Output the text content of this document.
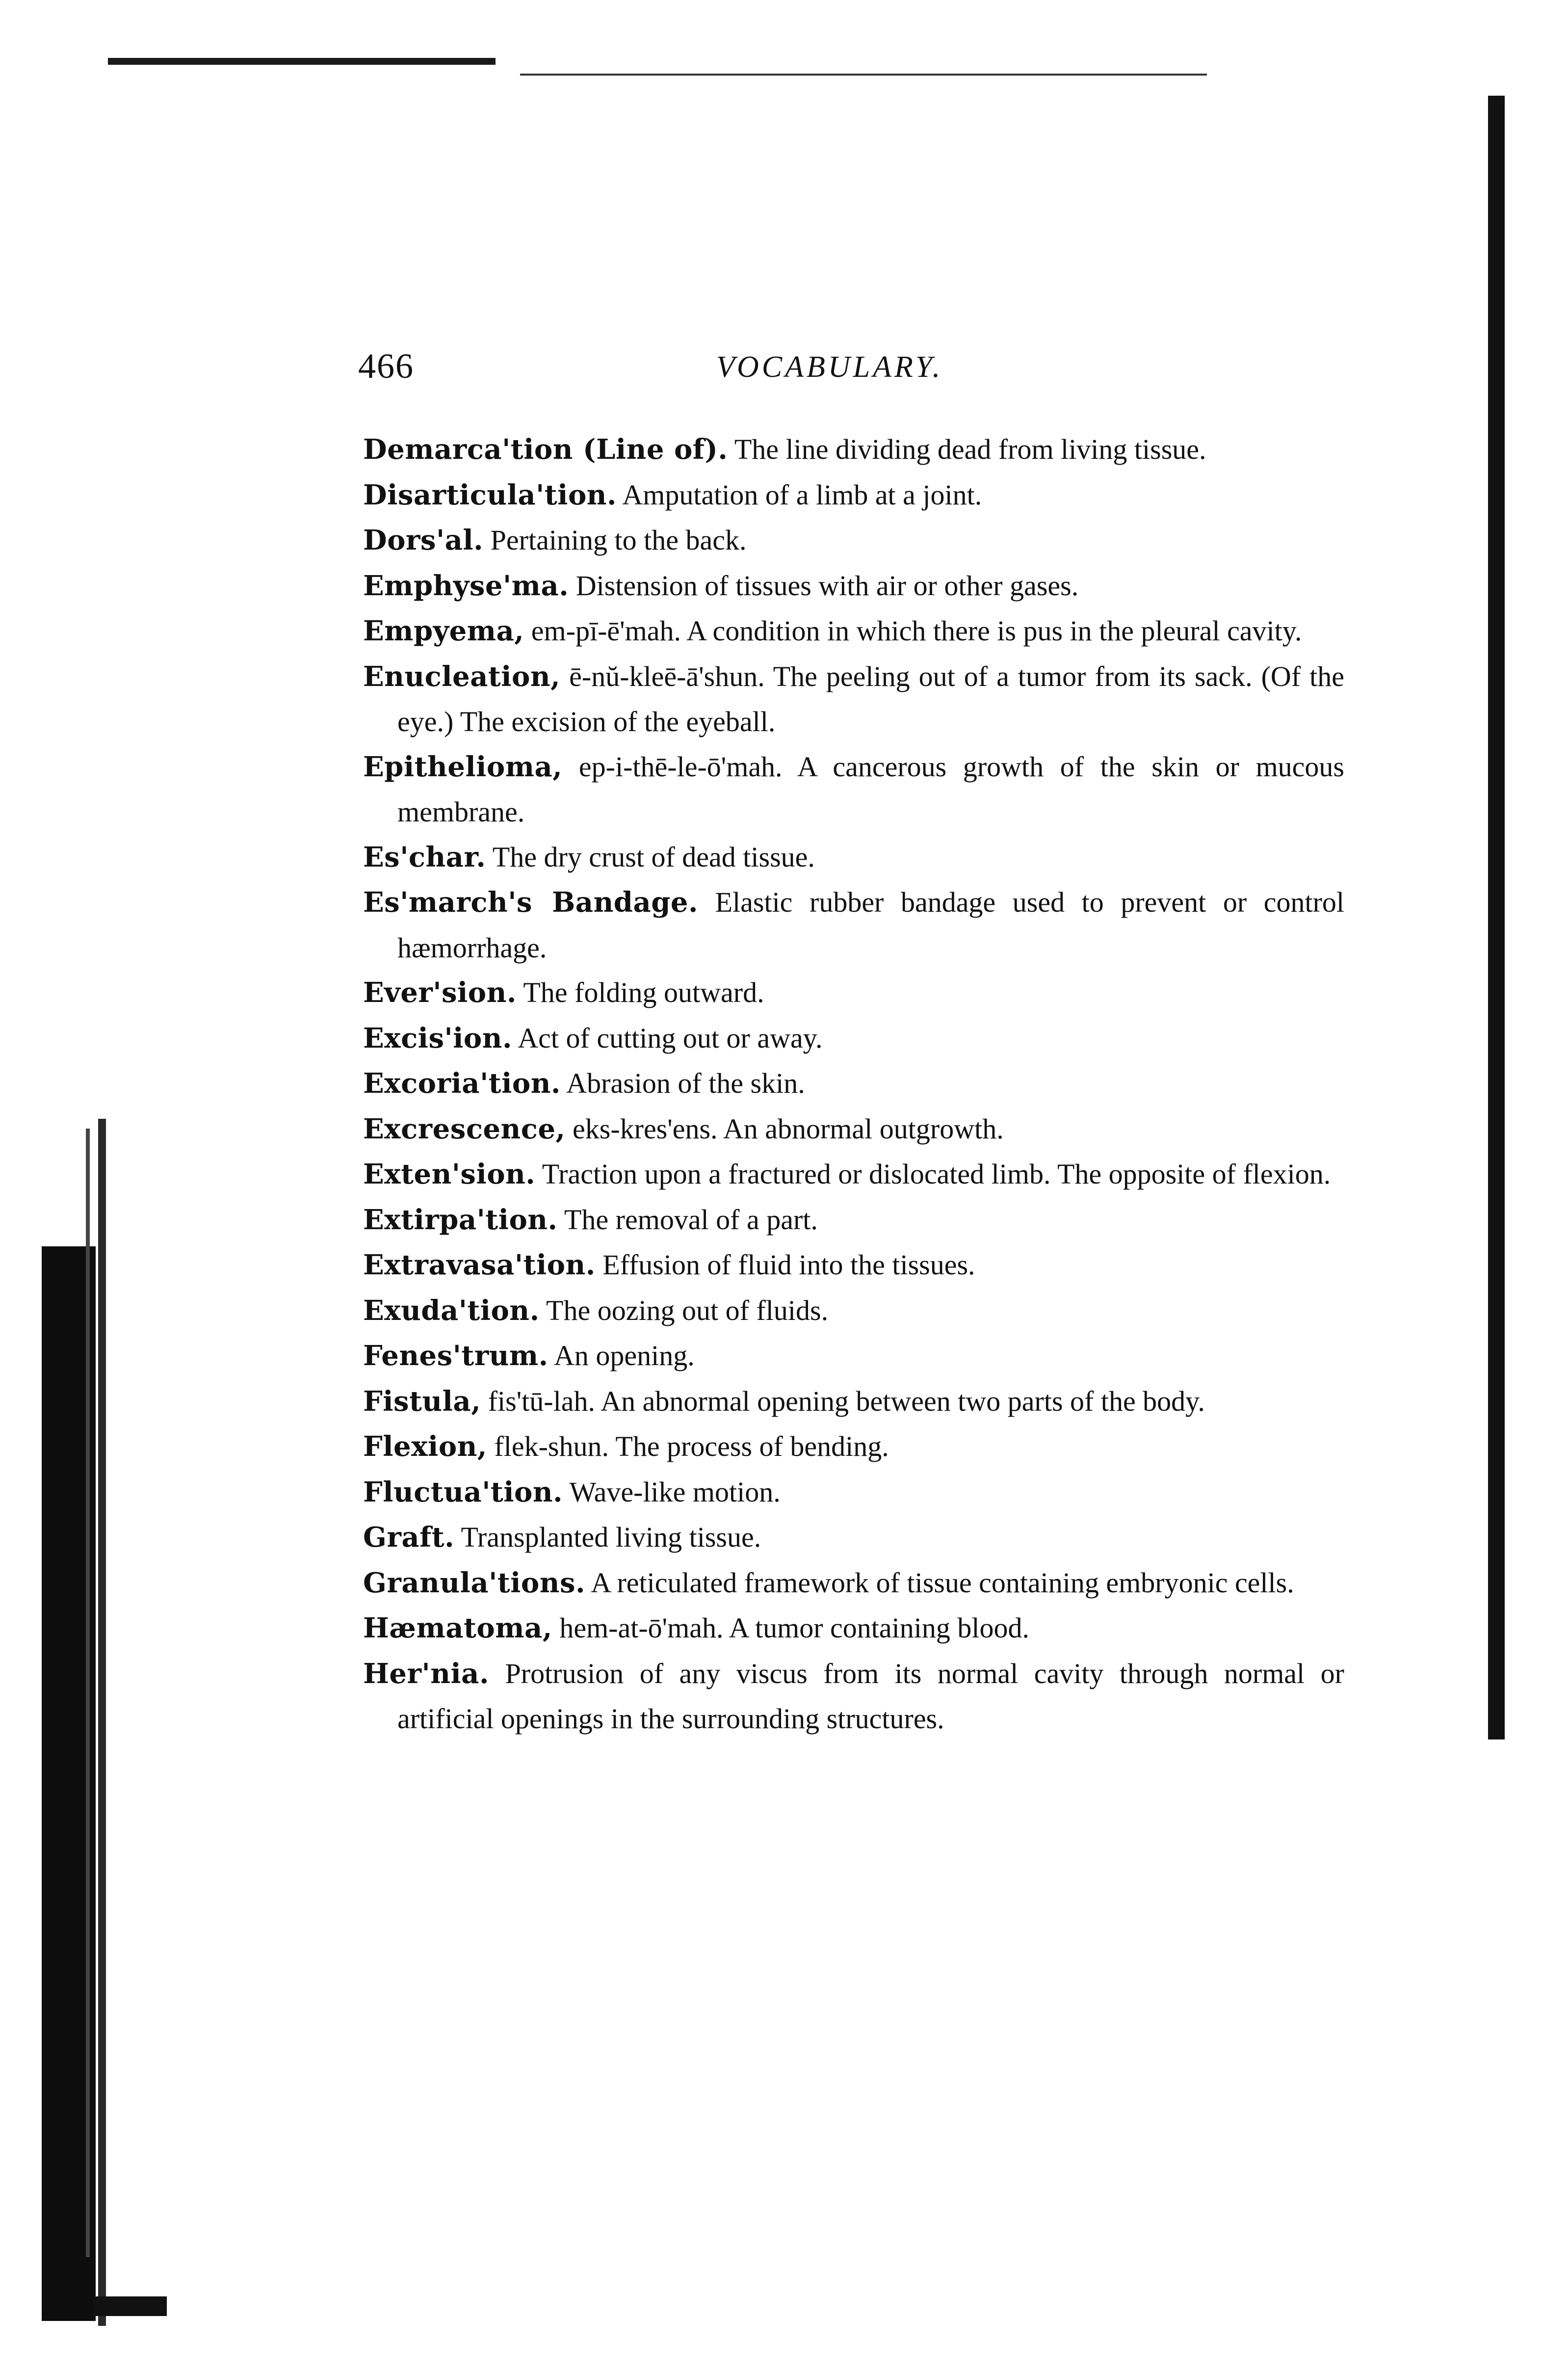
466	VOCABULARY.

Demarca'tion (Line of). The line dividing dead from living tissue.

Disarticula'tion. Amputation of a limb at a joint.

Dors'al. Pertaining to the back.

Emphyse'ma. Distension of tissues with air or other gases.

Empyema, em-pī-ē'mah. A condition in which there is pus in the pleural cavity.

Enucleation, ē-nŭ-kleē-ā'shun. The peeling out of a tumor from its sack. (Of the eye.) The excision of the eyeball.

Epithelioma, ep-i-thē-le-ō'mah. A cancerous growth of the skin or mucous membrane.

Es'char. The dry crust of dead tissue.

Es'march's Bandage. Elastic rubber bandage used to prevent or control hæmorrhage.

Ever'sion. The folding outward.

Excis'ion. Act of cutting out or away.

Excoria'tion. Abrasion of the skin.

Excrescence, eks-kres'ens. An abnormal outgrowth.

Exten'sion. Traction upon a fractured or dislocated limb. The opposite of flexion.

Extirpa'tion. The removal of a part.

Extravasa'tion. Effusion of fluid into the tissues.

Exuda'tion. The oozing out of fluids.

Fenes'trum. An opening.

Fistula, fis'tū-lah. An abnormal opening between two parts of the body.

Flexion, flek-shun. The process of bending.

Fluctua'tion. Wave-like motion.

Graft. Transplanted living tissue.

Granula'tions. A reticulated framework of tissue containing embryonic cells.

Hæmatoma, hem-at-ō'mah. A tumor containing blood.

Her'nia. Protrusion of any viscus from its normal cavity through normal or artificial openings in the surrounding structures.
